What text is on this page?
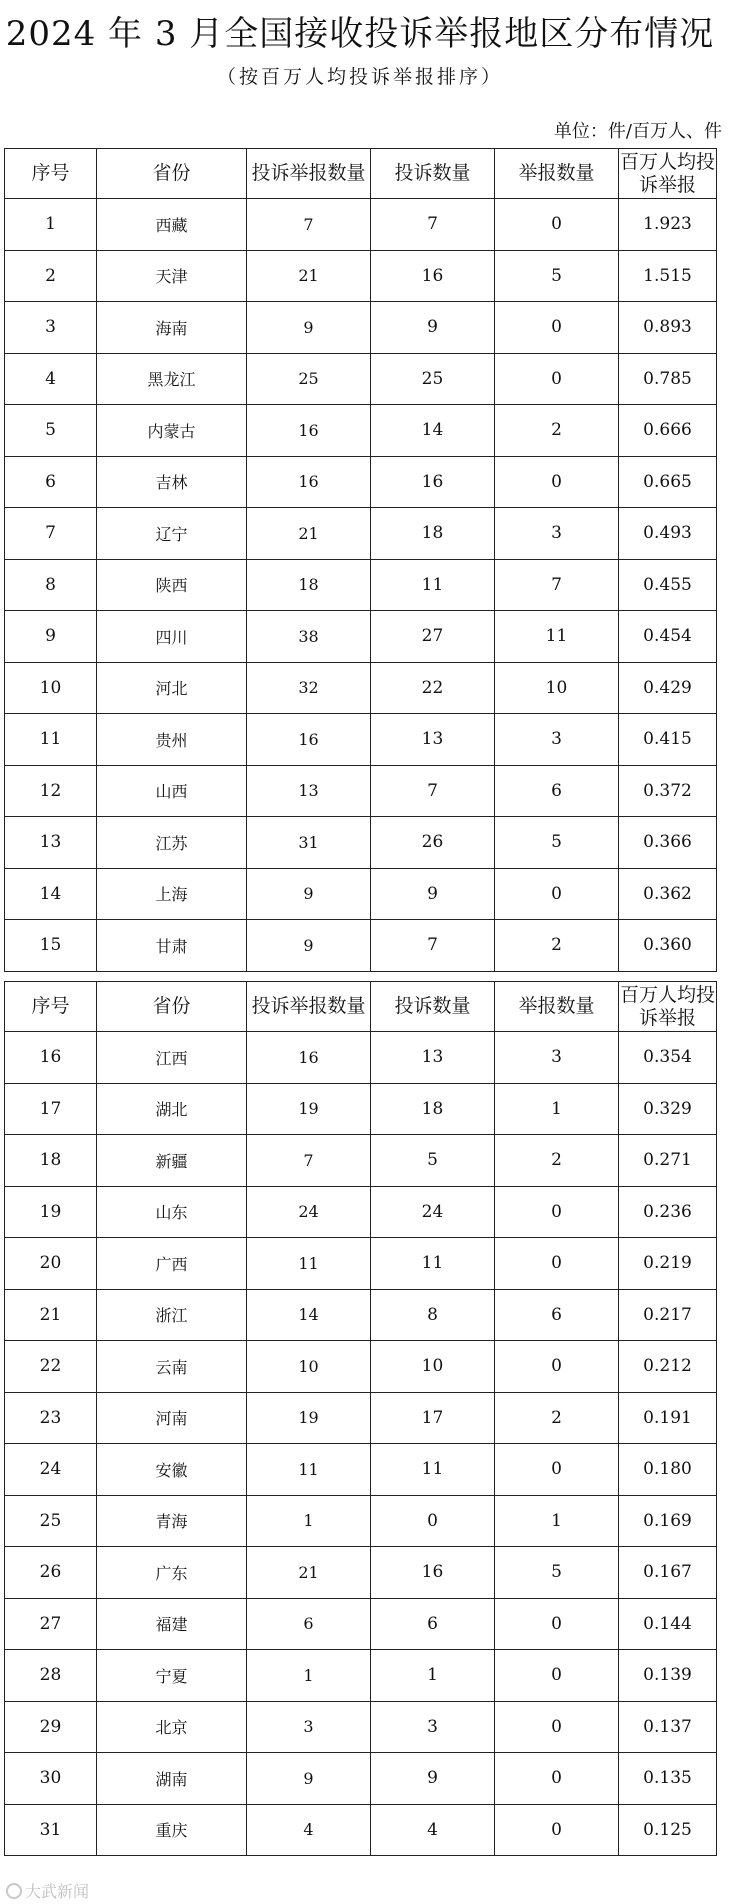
2024 年 3 月全国接收投诉举报地区分布情况
（按百万人均投诉举报排序）
单位：件/百万人、件
序号	省份	投诉举报数量	投诉数量	举报数量	百万人均投诉举报
1	西藏	7	7	0	1.923
2	天津	21	16	5	1.515
3	海南	9	9	0	0.893
4	黑龙江	25	25	0	0.785
5	内蒙古	16	14	2	0.666
6	吉林	16	16	0	0.665
7	辽宁	21	18	3	0.493
8	陕西	18	11	7	0.455
9	四川	38	27	11	0.454
10	河北	32	22	10	0.429
11	贵州	16	13	3	0.415
12	山西	13	7	6	0.372
13	江苏	31	26	5	0.366
14	上海	9	9	0	0.362
15	甘肃	9	7	2	0.360
序号	省份	投诉举报数量	投诉数量	举报数量	百万人均投诉举报
16	江西	16	13	3	0.354
17	湖北	19	18	1	0.329
18	新疆	7	5	2	0.271
19	山东	24	24	0	0.236
20	广西	11	11	0	0.219
21	浙江	14	8	6	0.217
22	云南	10	10	0	0.212
23	河南	19	17	2	0.191
24	安徽	11	11	0	0.180
25	青海	1	0	1	0.169
26	广东	21	16	5	0.167
27	福建	6	6	0	0.144
28	宁夏	1	1	0	0.139
29	北京	3	3	0	0.137
30	湖南	9	9	0	0.135
31	重庆	4	4	0	0.125
大武新闻
